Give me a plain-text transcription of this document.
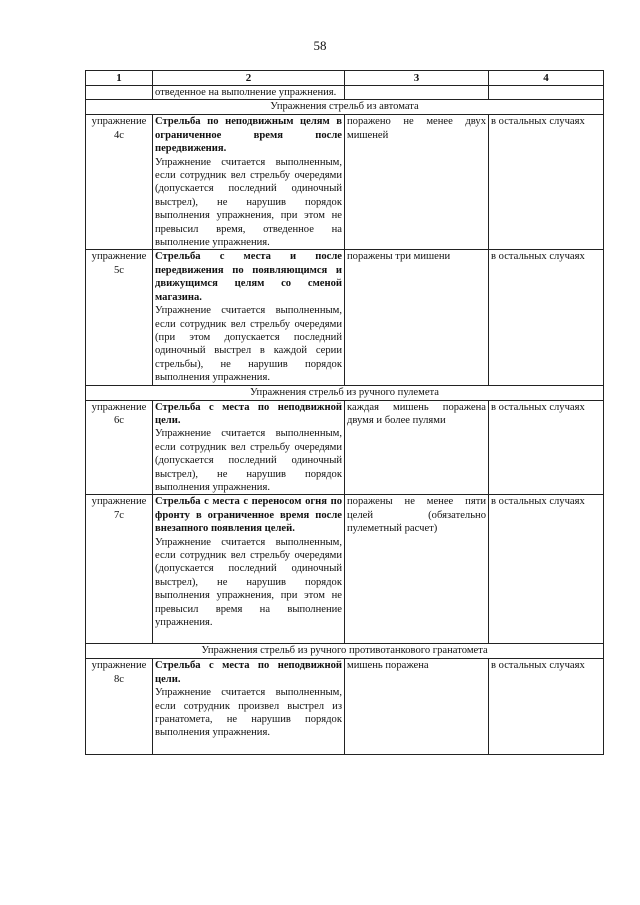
58
1	2	3	4

	отведенное на выполнение упражнения.		

Упражнения стрельб из автомата			
упражнение 4с	Стрельба по неподвижным целям в ограниченное время после передвижения.
Упражнение считается выполненным, если сотрудник вел стрельбу очередями (допускается последний одиночный выстрел), не нарушив порядок выполнения упражнения, при этом не превысил время, отведенное на выполнение упражнения.	поражено не менее двух мишеней	в остальных случаях
упражнение 5с	Стрельба с места и после передвижения по появляющимся и движущимся целям со сменой магазина.
Упражнение считается выполненным, если сотрудник вел стрельбу очередями (при этом допускается последний одиночный выстрел в каждой серии стрельбы), не нарушив порядок выполнения упражнения.	поражены три мишени	в остальных случаях
Упражнения стрельб из ручного пулемета			
упражнение 6с	Стрельба с места по неподвижной цели.
Упражнение считается выполненным, если сотрудник вел стрельбу очередями (допускается последний одиночный выстрел), не нарушив порядок выполнения упражнения.	каждая мишень поражена двумя и более пулями	в остальных случаях
упражнение 7с	Стрельба с места с переносом огня по фронту в ограниченное время после внезапного появления целей.
Упражнение считается выполненным, если сотрудник вел стрельбу очередями (допускается последний одиночный выстрел), не нарушив порядок выполнения упражнения, при этом не превысил время на выполнение упражнения.	поражены не менее пяти целей (обязательно пулеметный расчет)	в остальных случаях
Упражнения стрельб из ручного противотанкового гранатомета			
упражнение 8с	Стрельба с места по неподвижной цели.
Упражнение считается выполненным, если сотрудник произвел выстрел из гранатомета, не нарушив порядок выполнения упражнения.	мишень поражена	в остальных случаях
